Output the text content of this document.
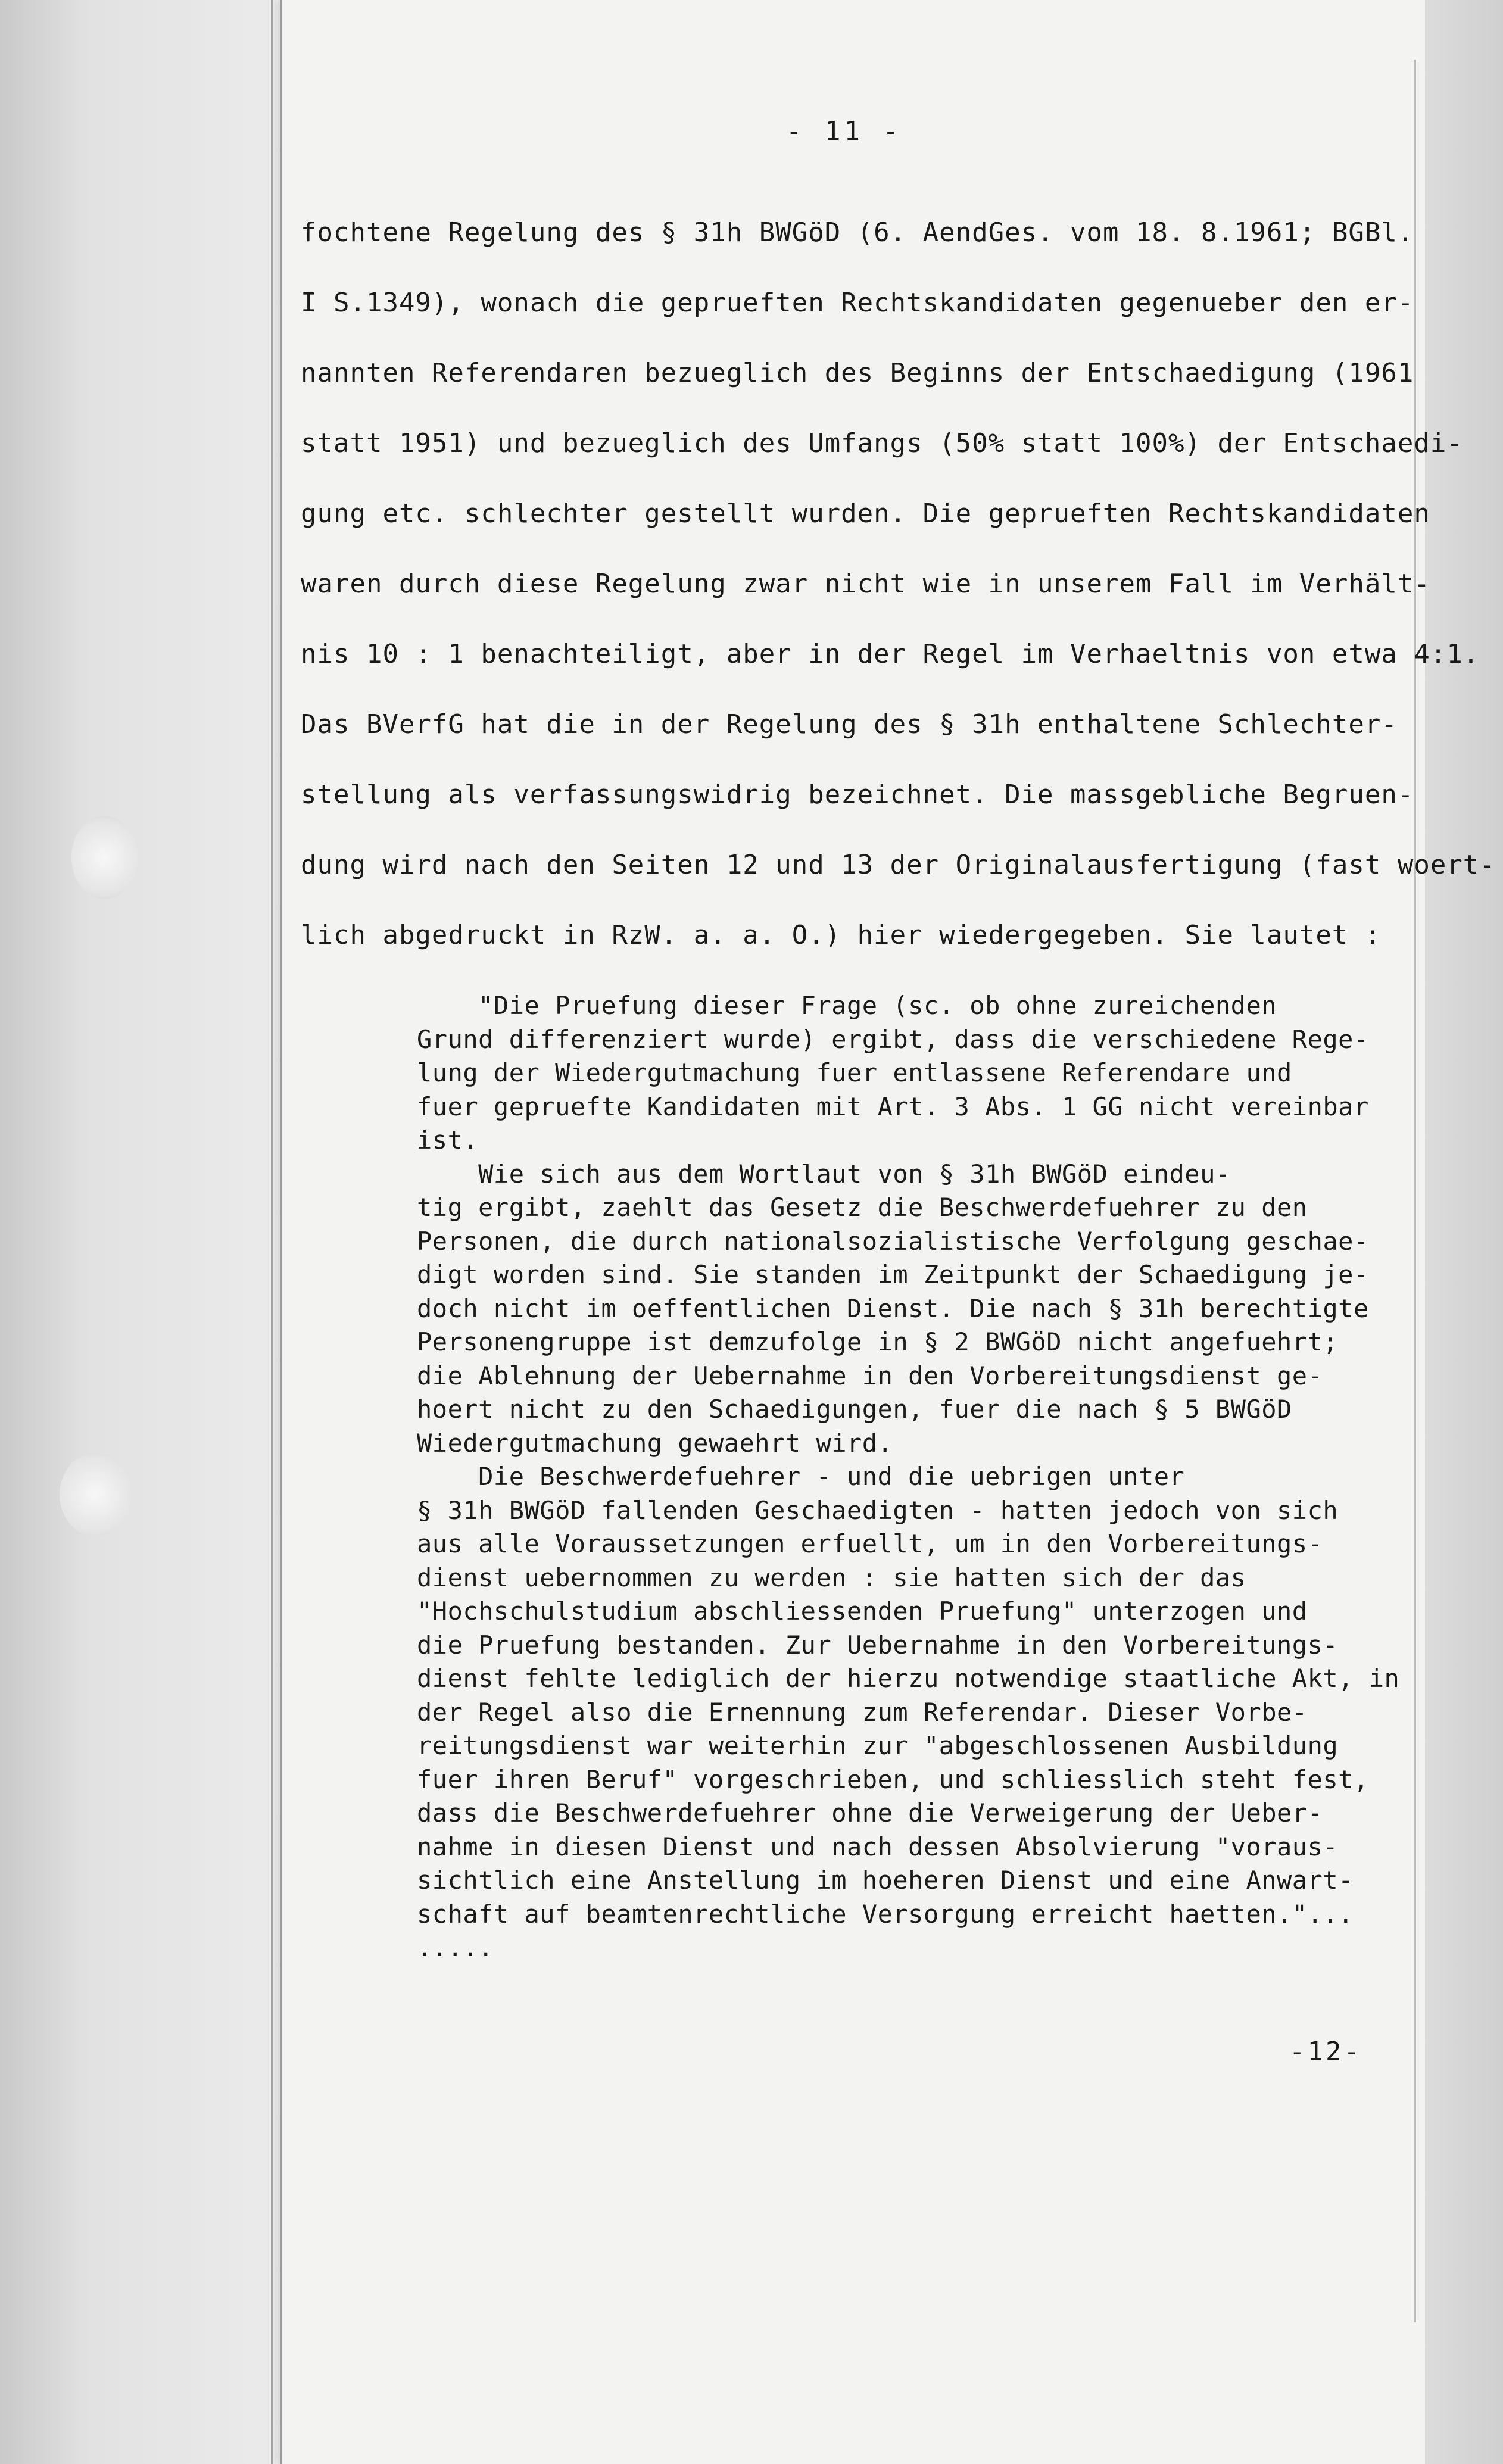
- 11 -
fochtene Regelung des § 31h BWGöD (6. AendGes. vom 18. 8.1961; BGBl.
I S.1349), wonach die geprueften Rechtskandidaten gegenueber den er-
nannten Referendaren bezueglich des Beginns der Entschaedigung (1961
statt 1951) und bezueglich des Umfangs (50% statt 100%) der Entschaedi-
gung etc. schlechter gestellt wurden. Die geprueften Rechtskandidaten
waren durch diese Regelung zwar nicht wie in unserem Fall im Verhält-
nis 10 : 1 benachteiligt, aber in der Regel im Verhaeltnis von etwa 4:1.
Das BVerfG hat die in der Regelung des § 31h enthaltene Schlechter-
stellung als verfassungswidrig bezeichnet. Die massgebliche Begruen-
dung wird nach den Seiten 12 und 13 der Originalausfertigung (fast woert-
lich abgedruckt in RzW. a. a. O.) hier wiedergegeben. Sie lautet :
"Die Pruefung dieser Frage (sc. ob ohne zureichenden
Grund differenziert wurde) ergibt, dass die verschiedene Rege-
lung der Wiedergutmachung fuer entlassene Referendare und
fuer gepruefte Kandidaten mit Art. 3 Abs. 1 GG nicht vereinbar
ist.
Wie sich aus dem Wortlaut von § 31h BWGöD eindeu-
tig ergibt, zaehlt das Gesetz die Beschwerdefuehrer zu den
Personen, die durch nationalsozialistische Verfolgung geschae-
digt worden sind. Sie standen im Zeitpunkt der Schaedigung je-
doch nicht im oeffentlichen Dienst. Die nach § 31h berechtigte
Personengruppe ist demzufolge in § 2 BWGöD nicht angefuehrt;
die Ablehnung der Uebernahme in den Vorbereitungsdienst ge-
hoert nicht zu den Schaedigungen, fuer die nach § 5 BWGöD
Wiedergutmachung gewaehrt wird.
Die Beschwerdefuehrer - und die uebrigen unter
§ 31h BWGöD fallenden Geschaedigten - hatten jedoch von sich
aus alle Voraussetzungen erfuellt, um in den Vorbereitungs-
dienst uebernommen zu werden : sie hatten sich der das
"Hochschulstudium abschliessenden Pruefung" unterzogen und
die Pruefung bestanden. Zur Uebernahme in den Vorbereitungs-
dienst fehlte lediglich der hierzu notwendige staatliche Akt, in
der Regel also die Ernennung zum Referendar. Dieser Vorbe-
reitungsdienst war weiterhin zur "abgeschlossenen Ausbildung
fuer ihren Beruf" vorgeschrieben, und schliesslich steht fest,
dass die Beschwerdefuehrer ohne die Verweigerung der Ueber-
nahme in diesen Dienst und nach dessen Absolvierung "voraus-
sichtlich eine Anstellung im hoeheren Dienst und eine Anwart-
schaft auf beamtenrechtliche Versorgung erreicht haetten."...
.....
-12-
